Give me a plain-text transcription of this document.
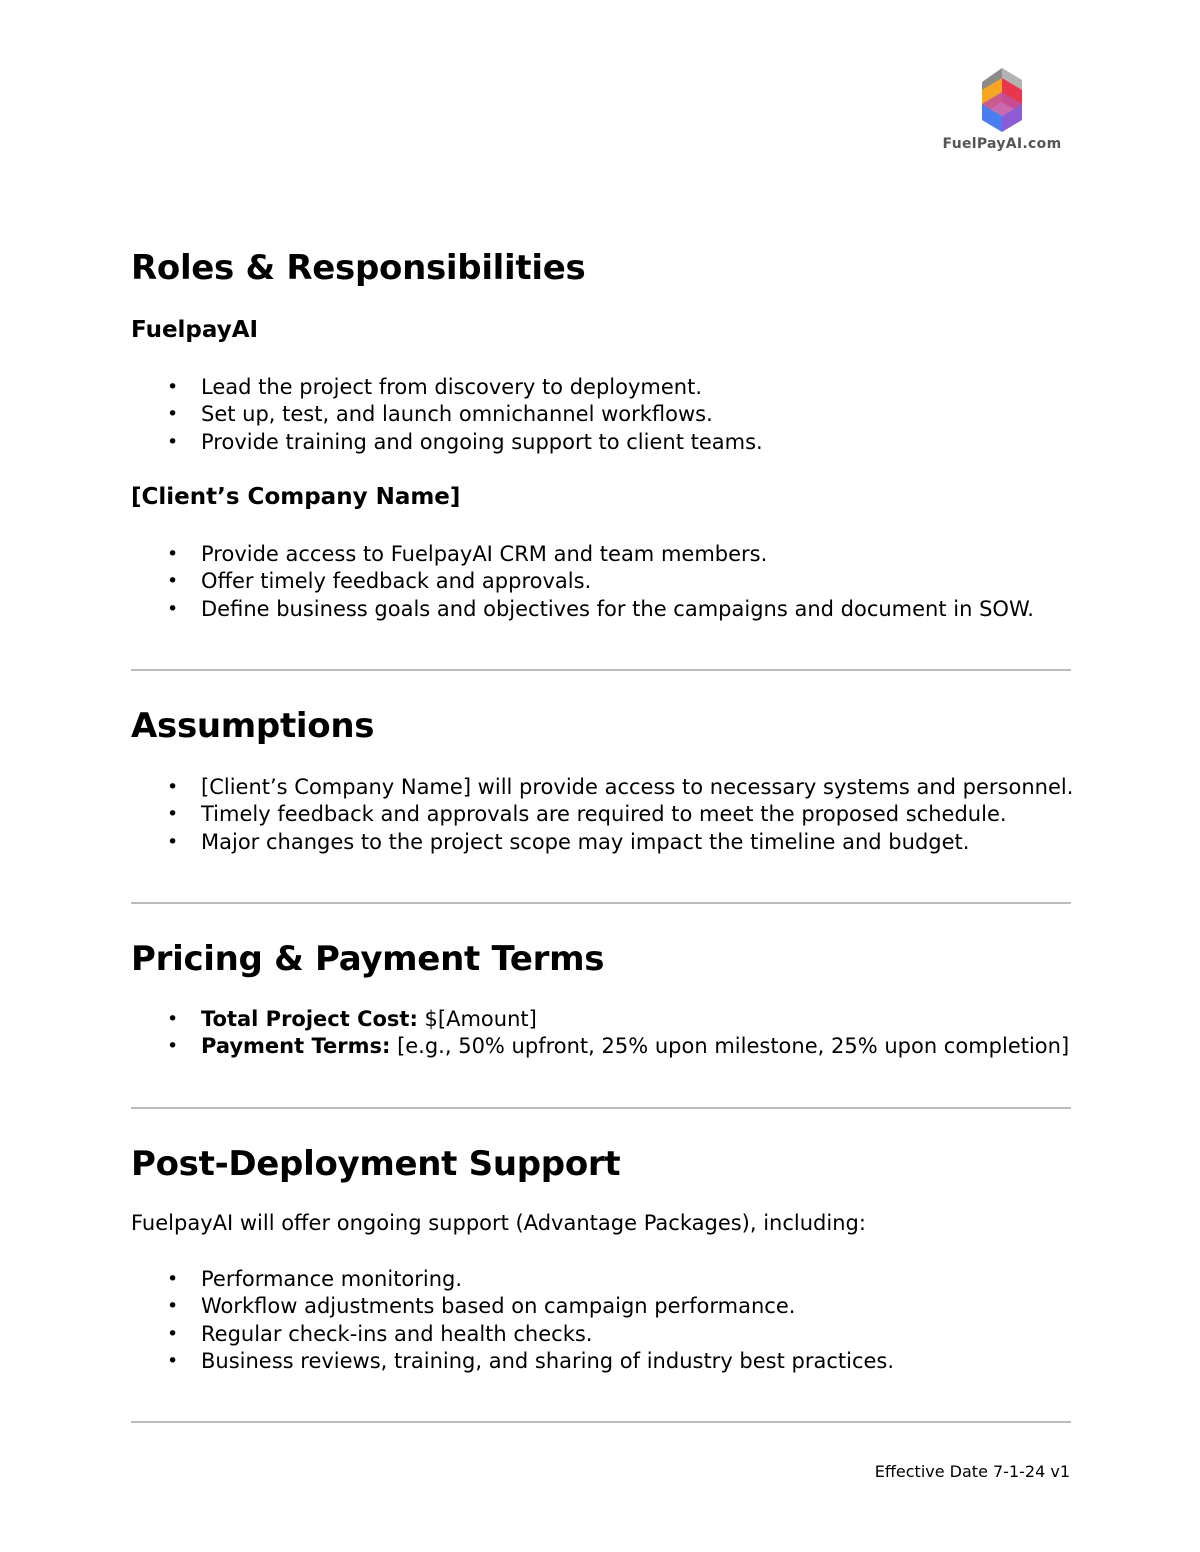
FuelPayAI.com
Roles & Responsibilities
FuelpayAI
• Lead the project from discovery to deployment.
• Set up, test, and launch omnichannel workflows.
• Provide training and ongoing support to client teams.
[Client’s Company Name]
• Provide access to FuelpayAI CRM and team members.
• Offer timely feedback and approvals.
• Define business goals and objectives for the campaigns and document in SOW.
Assumptions
• [Client’s Company Name] will provide access to necessary systems and personnel.
• Timely feedback and approvals are required to meet the proposed schedule.
• Major changes to the project scope may impact the timeline and budget.
Pricing & Payment Terms
• Total Project Cost: $[Amount]
• Payment Terms: [e.g., 50% upfront, 25% upon milestone, 25% upon completion]
Post-Deployment Support
FuelpayAI will offer ongoing support (Advantage Packages), including:
• Performance monitoring.
• Workflow adjustments based on campaign performance.
• Regular check-ins and health checks.
• Business reviews, training, and sharing of industry best practices.
Effective Date 7-1-24 v1
